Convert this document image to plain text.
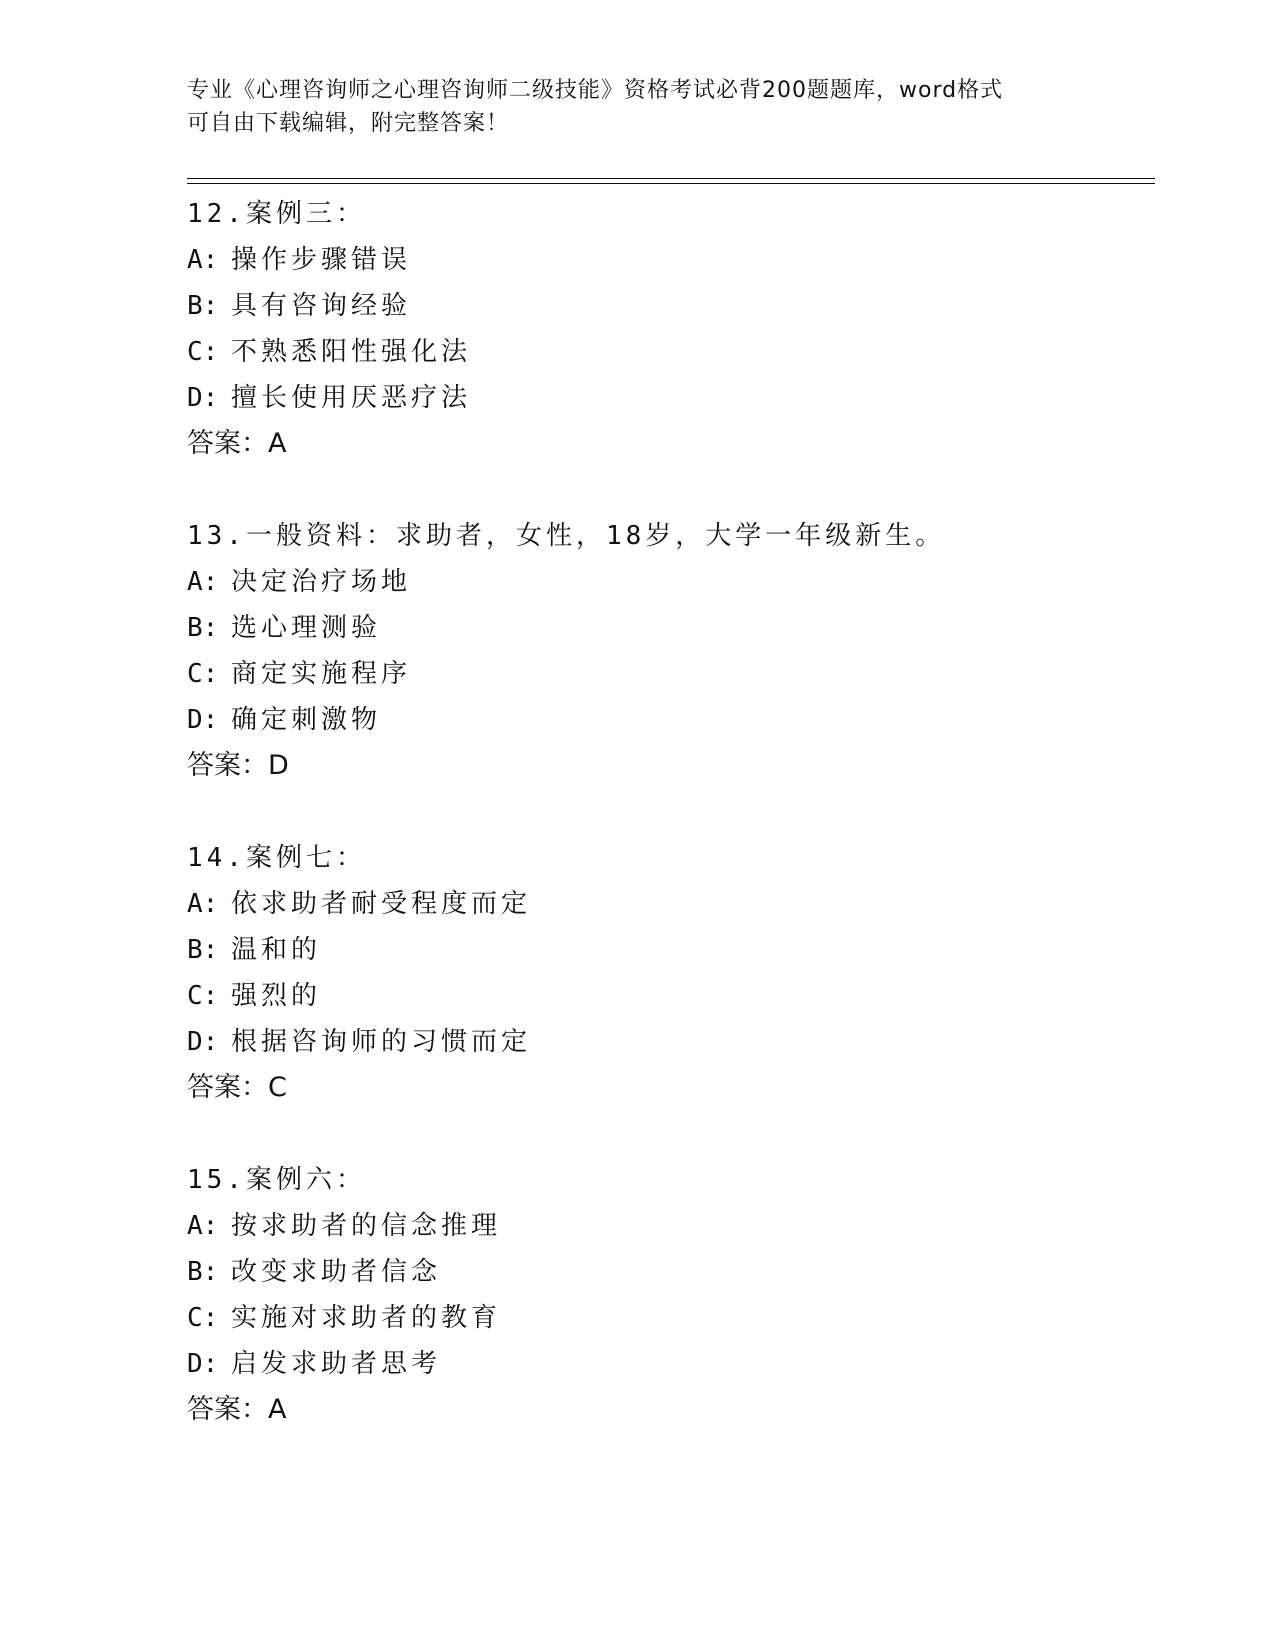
专业《心理咨询师之心理咨询师二级技能》资格考试必背200题题库，word格式
可自由下载编辑，附完整答案！
12.案例三：
A: 操作步骤错误
B: 具有咨询经验
C: 不熟悉阳性强化法
D: 擅长使用厌恶疗法
答案：A
13.一般资料：求助者，女性，18岁，大学一年级新生。
A: 决定治疗场地
B: 选心理测验
C: 商定实施程序
D: 确定刺激物
答案：D
14.案例七：
A: 依求助者耐受程度而定
B: 温和的
C: 强烈的
D: 根据咨询师的习惯而定
答案：C
15.案例六：
A: 按求助者的信念推理
B: 改变求助者信念
C: 实施对求助者的教育
D: 启发求助者思考
答案：A
